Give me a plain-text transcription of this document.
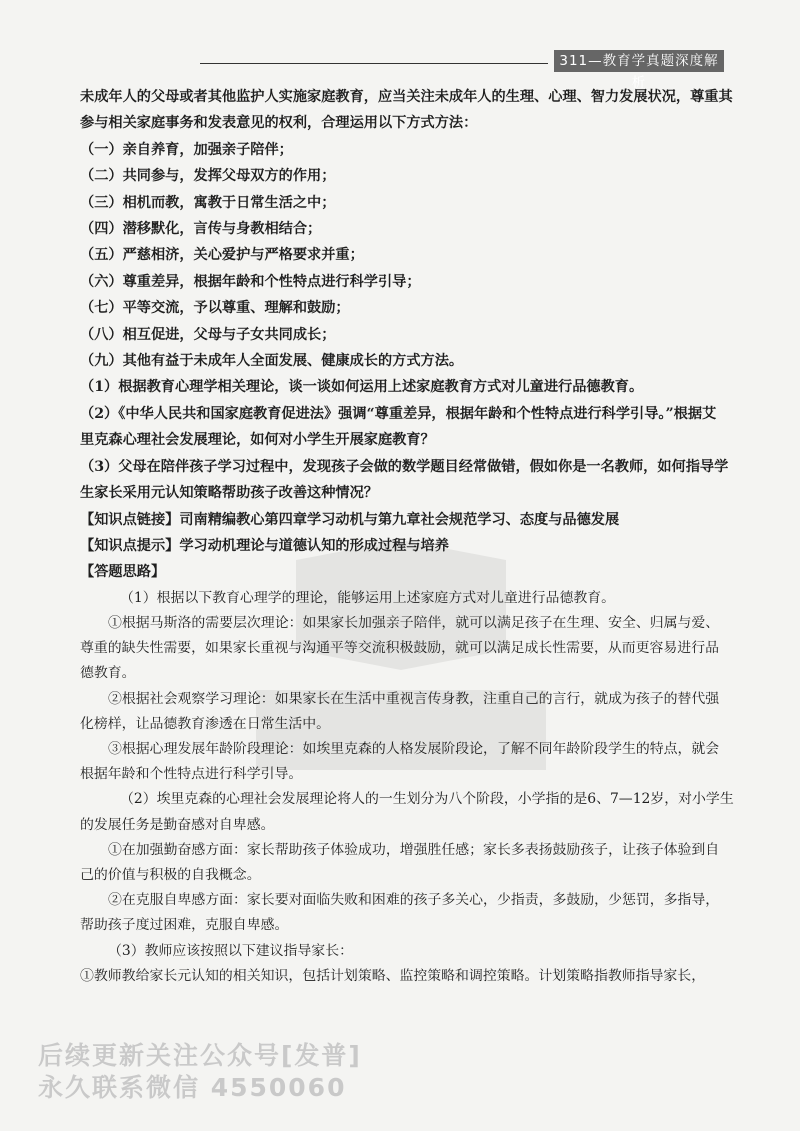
311—教育学真题深度解析
未成年人的父母或者其他监护人实施家庭教育，应当关注未成年人的生理、心理、智力发展状况，尊重其
参与相关家庭事务和发表意见的权利，合理运用以下方式方法：
（一）亲自养育，加强亲子陪伴；
（二）共同参与，发挥父母双方的作用；
（三）相机而教，寓教于日常生活之中；
（四）潜移默化，言传与身教相结合；
（五）严慈相济，关心爱护与严格要求并重；
（六）尊重差异，根据年龄和个性特点进行科学引导；
（七）平等交流，予以尊重、理解和鼓励；
（八）相互促进，父母与子女共同成长；
（九）其他有益于未成年人全面发展、健康成长的方式方法。
（1）根据教育心理学相关理论，谈一谈如何运用上述家庭教育方式对儿童进行品德教育。
（2）《中华人民共和国家庭教育促进法》强调“尊重差异，根据年龄和个性特点进行科学引导。”根据艾
里克森心理社会发展理论，如何对小学生开展家庭教育？
（3）父母在陪伴孩子学习过程中，发现孩子会做的数学题目经常做错，假如你是一名教师，如何指导学
生家长采用元认知策略帮助孩子改善这种情况？
【知识点链接】司南精编教心第四章学习动机与第九章社会规范学习、态度与品德发展
【知识点提示】学习动机理论与道德认知的形成过程与培养
【答题思路】
（1）根据以下教育心理学的理论，能够运用上述家庭方式对儿童进行品德教育。
①根据马斯洛的需要层次理论：如果家长加强亲子陪伴，就可以满足孩子在生理、安全、归属与爱、
尊重的缺失性需要，如果家长重视与沟通平等交流积极鼓励，就可以满足成长性需要，从而更容易进行品
德教育。
②根据社会观察学习理论：如果家长在生活中重视言传身教，注重自己的言行，就成为孩子的替代强
化榜样，让品德教育渗透在日常生活中。
③根据心理发展年龄阶段理论：如埃里克森的人格发展阶段论，了解不同年龄阶段学生的特点，就会
根据年龄和个性特点进行科学引导。
（2）埃里克森的心理社会发展理论将人的一生划分为八个阶段，小学指的是6、7—12岁，对小学生
的发展任务是勤奋感对自卑感。
①在加强勤奋感方面：家长帮助孩子体验成功，增强胜任感；家长多表扬鼓励孩子，让孩子体验到自
己的价值与积极的自我概念。
②在克服自卑感方面：家长要对面临失败和困难的孩子多关心，少指责，多鼓励，少惩罚，多指导，
帮助孩子度过困难，克服自卑感。
（3）教师应该按照以下建议指导家长：
①教师教给家长元认知的相关知识，包括计划策略、监控策略和调控策略。计划策略指教师指导家长，
后续更新关注公众号[发普]
永久联系微信 4550060
